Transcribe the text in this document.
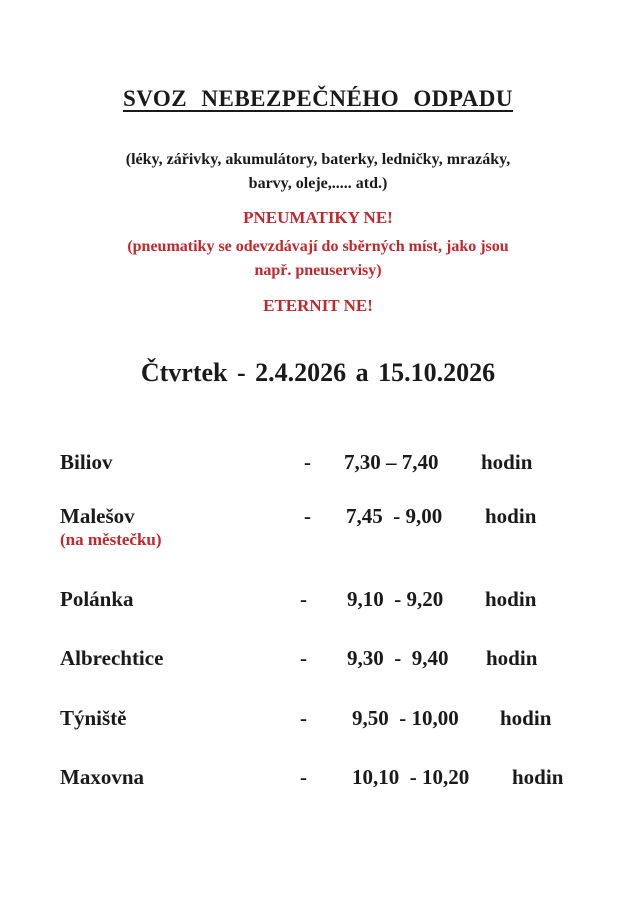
SVOZ NEBEZPEČNÉHO ODPADU
(léky, zářivky, akumulátory, baterky, ledničky, mrazáky,
barvy, oleje,..... atd.)
PNEUMATIKY NE!
(pneumatiky se odevzdávají do sběrných míst, jako jsou
např. pneuservisy)
ETERNIT NE!
Čtvrtek - 2.4.2026 a 15.10.2026
Biliov	- 7,30 – 7,40 hodin
Malešov	- 7,45  - 9,00 hodin
(na městečku)
Polánka	- 9,10  - 9,20 hodin
Albrechtice	- 9,30  -  9,40 hodin
Týniště	- 9,50  - 10,00 hodin
Maxovna	- 10,10  - 10,20 hodin
